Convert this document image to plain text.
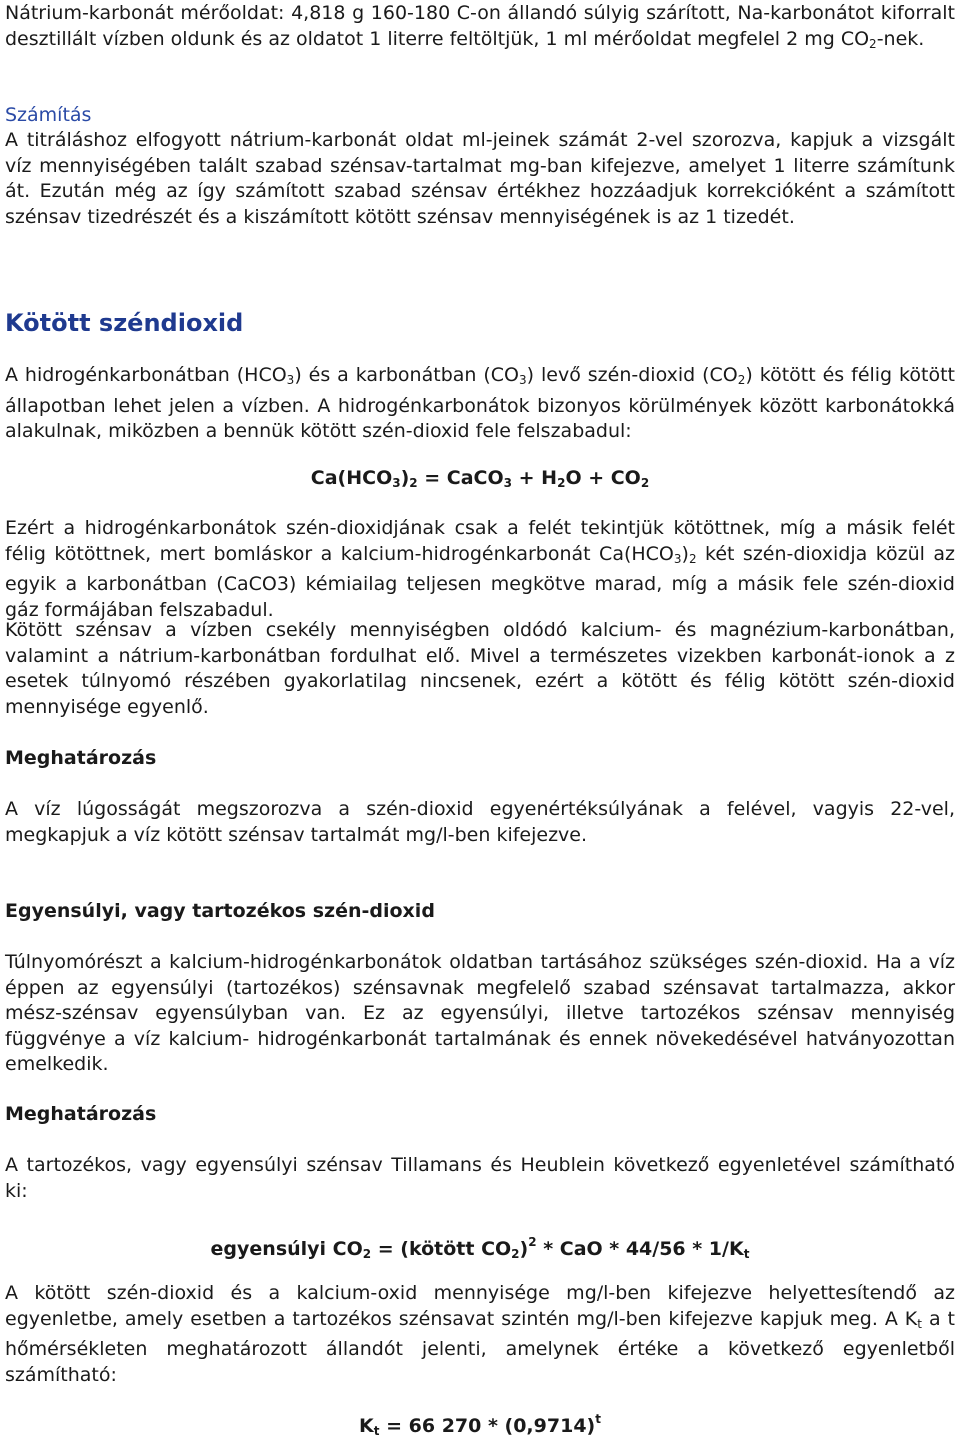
Nátrium-karbonát mérőoldat: 4,818 g 160-180 C-on állandó súlyig szárított, Na-karbonátot kiforralt desztillált vízben oldunk és az oldatot 1 literre feltöltjük, 1 ml mérőoldat megfelel 2 mg $CO_2$-nek.

Számítás

A titráláshoz elfogyott nátrium-karbonát oldat ml-jeinek számát 2-vel szorozva, kapjuk a vizsgált víz mennyiségében talált szabad szénsav-tartalmat mg-ban kifejezve, amelyet 1 literre számítunk át. Ezután még az így számított szabad szénsav értékhez hozzáadjuk korrekcióként a számított szénsav tizedrészét és a kiszámított kötött szénsav mennyiségének is az 1 tizedét.

Kötött széndioxid

A hidrogénkarbonátban $(HCO_3)$ és a karbonátban $(CO_3)$ levő szén-dioxid $(CO_2)$ kötött és félig kötött állapotban lehet jelen a vízben. A hidrogénkarbonátok bizonyos körülmények között karbonátokká alakulnak, miközben a bennük kötött szén-dioxid fele felszabadul:

$Ca(HCO_3)_2$ = CaCO$_3$ + $H_2O + CO_2$

Ezért a hidrogénkarbonátok szén-dioxidjának csak a felét tekintjük kötöttnek, míg a másik felét félig kötöttnek, mert bomláskor a kalcium-hidrogénkarbonát $Ca(HCO_3)_2$ két szén-dioxidja közül az egyik a karbonátban (CaCO3) kémiailag teljesen megkötve marad, míg a másik fele szén-dioxid gáz formájában felszabadul.

Kötött szénsav a vízben csekély mennyiségben oldódó kalcium- és magnézium-karbonátban, valamint a nátrium-karbonátban fordulhat elő. Mivel a természetes vizekben karbonát-ionok a z esetek túlnyomó részében gyakorlatilag nincsenek, ezért a kötött és félig kötött szén-dioxid mennyisége egyenlő.

Meghatározás

A víz lúgosságát megszorozva a szén-dioxid egyenértéksúlyának a felével, vagyis 22-vel, megkapjuk a víz kötött szénsav tartalmát mg/l-ben kifejezve.

Egyensúlyi, vagy tartozékos szén-dioxid

Túlnyomórészt a kalcium-hidrogénkarbonátok oldatban tartásához szükséges szén-dioxid. Ha a víz éppen az egyensúlyi (tartozékos) szénsavnak megfelelő szabad szénsavat tartalmazza, akkor mész-szénsav egyensúlyban van. Ez az egyensúlyi, illetve tartozékos szénsav mennyiség függvénye a víz kalcium- hidrogénkarbonát tartalmának és ennek növekedésével hatványozottan emelkedik.

Meghatározás

A tartozékos, vagy egyensúlyi szénsav Tillamans és Heublein következő egyenletével számítható ki:

egyensúlyi $CO_2$ = (kötött $CO_2)^2$ * CaO * $44/56 * 1/K_t$

A kötött szén-dioxid és a kalcium-oxid mennyisége mg/l-ben kifejezve helyettesítendő az egyenletbe, amely esetben a tartozékos szénsavat szintén mg/l-ben kifejezve kapjuk meg. A $K_t$ a t hőmérsékleten meghatározott állandót jelenti, amelynek értéke a következő egyenletből számítható:

$K_t = 66$ $270 * (0,9714)^t$
